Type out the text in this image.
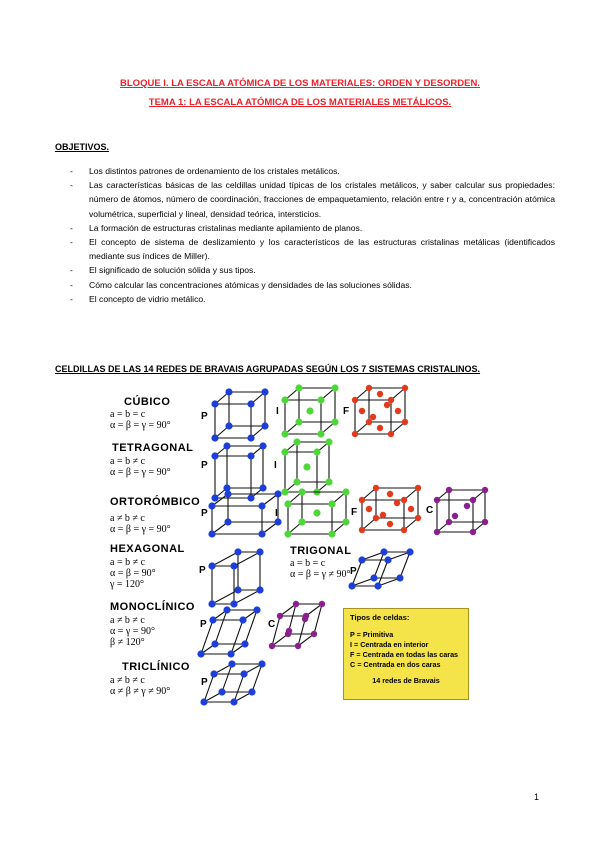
BLOQUE I. LA ESCALA ATÓMICA DE LOS MATERIALES: ORDEN Y DESORDEN.
TEMA 1: LA ESCALA ATÓMICA DE LOS MATERIALES METÁLICOS.
OBJETIVOS.
- Los distintos patrones de ordenamiento de los cristales metálicos.
- Las características básicas de las celdillas unidad típicas de los cristales metálicos, y saber calcular sus propiedades: número de átomos, número de coordinación, fracciones de empaquetamiento, relación entre r y a, concentración atómica volumétrica, superficial y lineal, densidad teórica, intersticios.
- La formación de estructuras cristalinas mediante apilamiento de planos.
- El concepto de sistema de deslizamiento y los característicos de las estructuras cristalinas metálicas (identificados mediante sus índices de Miller).
- El significado de solución sólida y sus tipos.
- Cómo calcular las concentraciones atómicas y densidades de las soluciones sólidas.
- El concepto de vidrio metálico.
CELDILLAS DE LAS 14 REDES DE BRAVAIS AGRUPADAS SEGÚN LOS 7 SISTEMAS CRISTALINOS.
CÚBICO
a = b = c
α = β = γ = 90°
TETRAGONAL
a = b ≠ c
α = β = γ = 90°
ORTORÓMBICO
a ≠ b ≠ c
α = β = γ = 90°
HEXAGONAL
a = b ≠ c
α = β = 90°
γ = 120°
TRIGONAL
a = b = c
α = β = γ ≠ 90°
MONOCLÍNICO
a ≠ b ≠ c
α = γ = 90°
β ≠ 120°
TRICLÍNICO
a ≠ b ≠ c
α ≠ β ≠ γ ≠ 90°
P	I	F
P	I
P	I	F	C
P	P
P	C
P
Tipos de celdas:
P = Primitiva
I = Centrada en interior
F = Centrada en todas las caras
C = Centrada en dos caras
14 redes de Bravais
1
